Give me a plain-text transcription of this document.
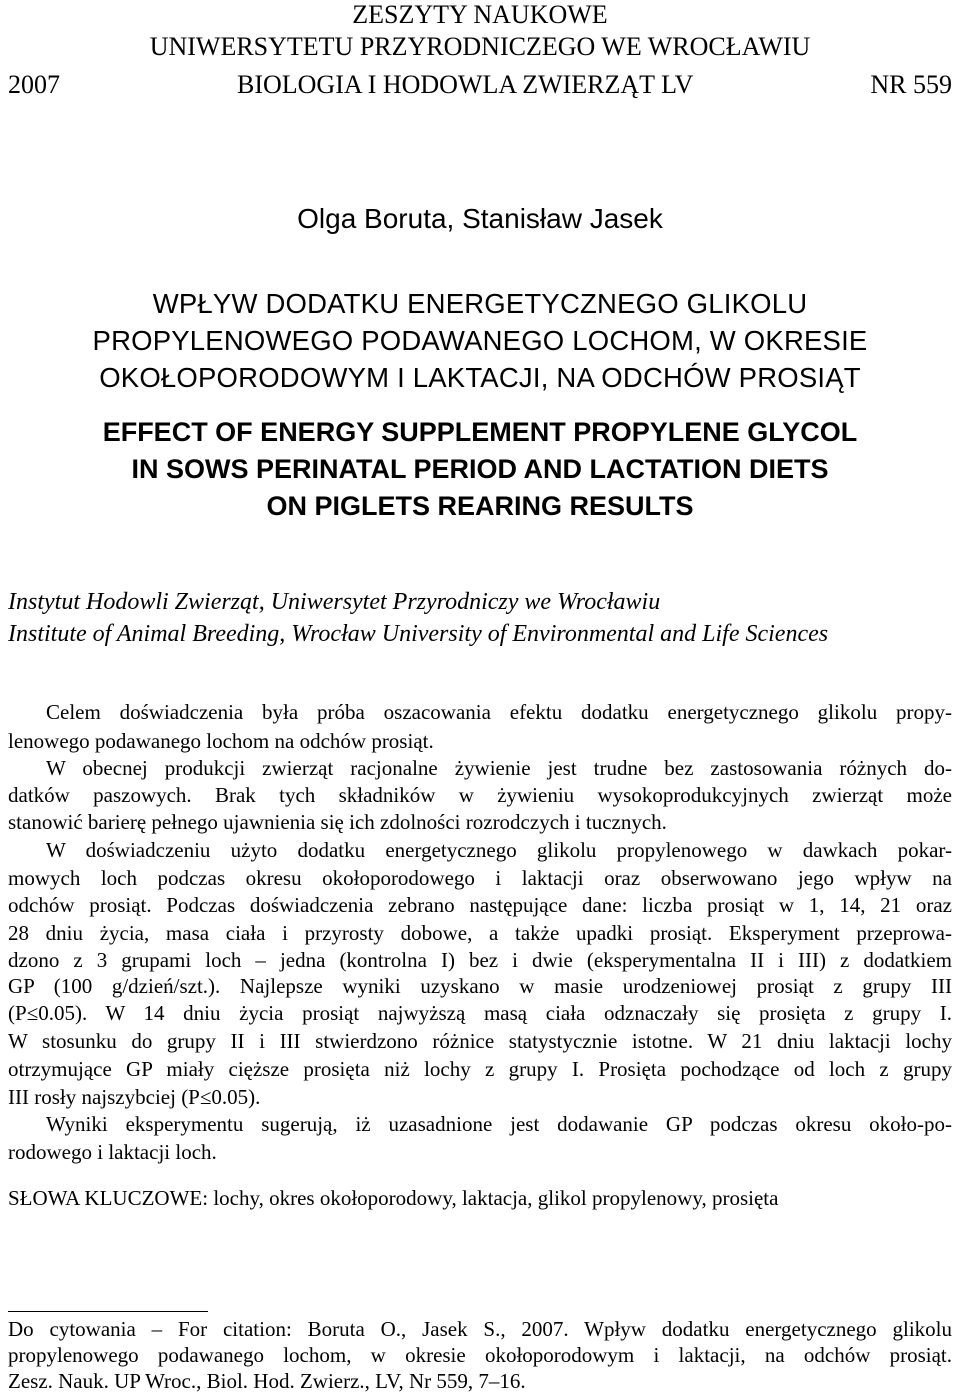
ZESZYTY NAUKOWE
UNIWERSYTETU PRZYRODNICZEGO WE WROCŁAWIU
2007	BIOLOGIA I HODOWLA ZWIERZĄT LV	NR 559
Olga Boruta, Stanisław Jasek
WPŁYW DODATKU ENERGETYCZNEGO GLIKOLU
PROPYLENOWEGO PODAWANEGO LOCHOM, W OKRESIE
OKOŁOPORODOWYM I LAKTACJI, NA ODCHÓW PROSIĄT
EFFECT OF ENERGY SUPPLEMENT PROPYLENE GLYCOL
IN SOWS PERINATAL PERIOD AND LACTATION DIETS
ON PIGLETS REARING RESULTS
Instytut Hodowli Zwierząt, Uniwersytet Przyrodniczy we Wrocławiu
Institute of Animal Breeding, Wrocław University of Environmental and Life Sciences
Celem doświadczenia była próba oszacowania efektu dodatku energetycznego glikolu propy-
lenowego podawanego lochom na odchów prosiąt.
W obecnej produkcji zwierząt racjonalne żywienie jest trudne bez zastosowania różnych do-
datków paszowych. Brak tych składników w żywieniu wysokoprodukcyjnych zwierząt może
stanowić barierę pełnego ujawnienia się ich zdolności rozrodczych i tucznych.
W doświadczeniu użyto dodatku energetycznego glikolu propylenowego w dawkach pokar-
mowych loch podczas okresu okołoporodowego i laktacji oraz obserwowano jego wpływ na
odchów prosiąt. Podczas doświadczenia zebrano następujące dane: liczba prosiąt w 1, 14, 21 oraz
28 dniu życia, masa ciała i przyrosty dobowe, a także upadki prosiąt. Eksperyment przeprowa-
dzono z 3 grupami loch – jedna (kontrolna I) bez i dwie (eksperymentalna II i III) z dodatkiem
GP (100 g/dzień/szt.). Najlepsze wyniki uzyskano w masie urodzeniowej prosiąt z grupy III
(P≤0.05). W 14 dniu życia prosiąt najwyższą masą ciała odznaczały się prosięta z grupy I.
W stosunku do grupy II i III stwierdzono różnice statystycznie istotne. W 21 dniu laktacji lochy
otrzymujące GP miały cięższe prosięta niż lochy z grupy I. Prosięta pochodzące od loch z grupy
III rosły najszybciej (P≤0.05).
Wyniki eksperymentu sugerują, iż uzasadnione jest dodawanie GP podczas okresu około-po-
rodowego i laktacji loch.
SŁOWA KLUCZOWE: lochy, okres okołoporodowy, laktacja, glikol propylenowy, prosięta
Do cytowania – For citation: Boruta O., Jasek S., 2007. Wpływ dodatku energetycznego glikolu
propylenowego podawanego lochom, w okresie okołoporodowym i laktacji, na odchów prosiąt.
Zesz. Nauk. UP Wroc., Biol. Hod. Zwierz., LV, Nr 559, 7–16.
